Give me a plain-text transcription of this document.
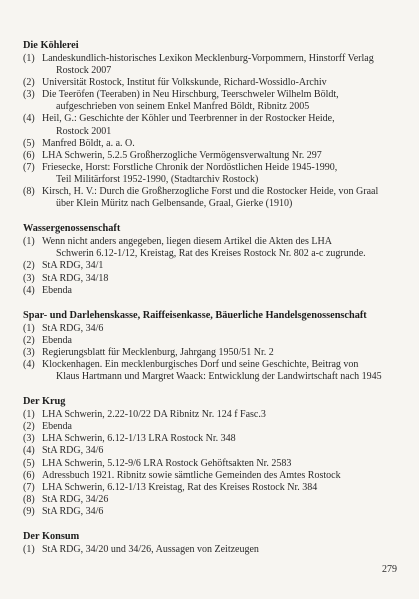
Die Köhlerei
(1) Landeskundlich-historisches Lexikon Mecklenburg-Vorpommern, Hinstorff Verlag
Rostock 2007
(2) Universität Rostock, Institut für Volkskunde, Richard-Wossidlo-Archiv
(3) Die Teeröfen (Teeraben) in Neu Hirschburg, Teerschweler Wilhelm Böldt,
aufgeschrieben von seinem Enkel Manfred Böldt, Ribnitz 2005
(4) Heil, G.: Geschichte der Köhler und Teerbrenner in der Rostocker Heide,
Rostock 2001
(5) Manfred Böldt, a. a. O.
(6) LHA Schwerin, 5.2.5 Großherzogliche Vermögensverwaltung Nr. 297
(7) Friesecke, Horst: Forstliche Chronik der Nordöstlichen Heide 1945-1990,
Teil Militärforst 1952-1990, (Stadtarchiv Rostock)
(8) Kirsch, H. V.: Durch die Großherzogliche Forst und die Rostocker Heide, von Graal
über Klein Müritz nach Gelbensande, Graal, Gierke (1910)
Wassergenossenschaft
(1) Wenn nicht anders angegeben, liegen diesem Artikel die Akten des LHA
Schwerin 6.12-1/12, Kreistag, Rat des Kreises Rostock Nr. 802 a-c zugrunde.
(2) StA RDG, 34/1
(3) StA RDG, 34/18
(4) Ebenda
Spar- und Darlehenskasse, Raiffeisenkasse, Bäuerliche Handelsgenossenschaft
(1) StA RDG, 34/6
(2) Ebenda
(3) Regierungsblatt für Mecklenburg, Jahrgang 1950/51 Nr. 2
(4) Klockenhagen. Ein mecklenburgisches Dorf und seine Geschichte, Beitrag von
Klaus Hartmann und Margret Waack: Entwicklung der Landwirtschaft nach 1945
Der Krug
(1) LHA Schwerin, 2.22-10/22 DA Ribnitz Nr. 124 f Fasc.3
(2) Ebenda
(3) LHA Schwerin, 6.12-1/13 LRA Rostock Nr. 348
(4) StA RDG, 34/6
(5) LHA Schwerin, 5.12-9/6 LRA Rostock Gehöftsakten Nr. 2583
(6) Adressbuch 1921. Ribnitz sowie sämtliche Gemeinden des Amtes Rostock
(7) LHA Schwerin, 6.12-1/13 Kreistag, Rat des Kreises Rostock Nr. 384
(8) StA RDG, 34/26
(9) StA RDG, 34/6
Der Konsum
(1) StA RDG, 34/20 und 34/26, Aussagen von Zeitzeugen
279
